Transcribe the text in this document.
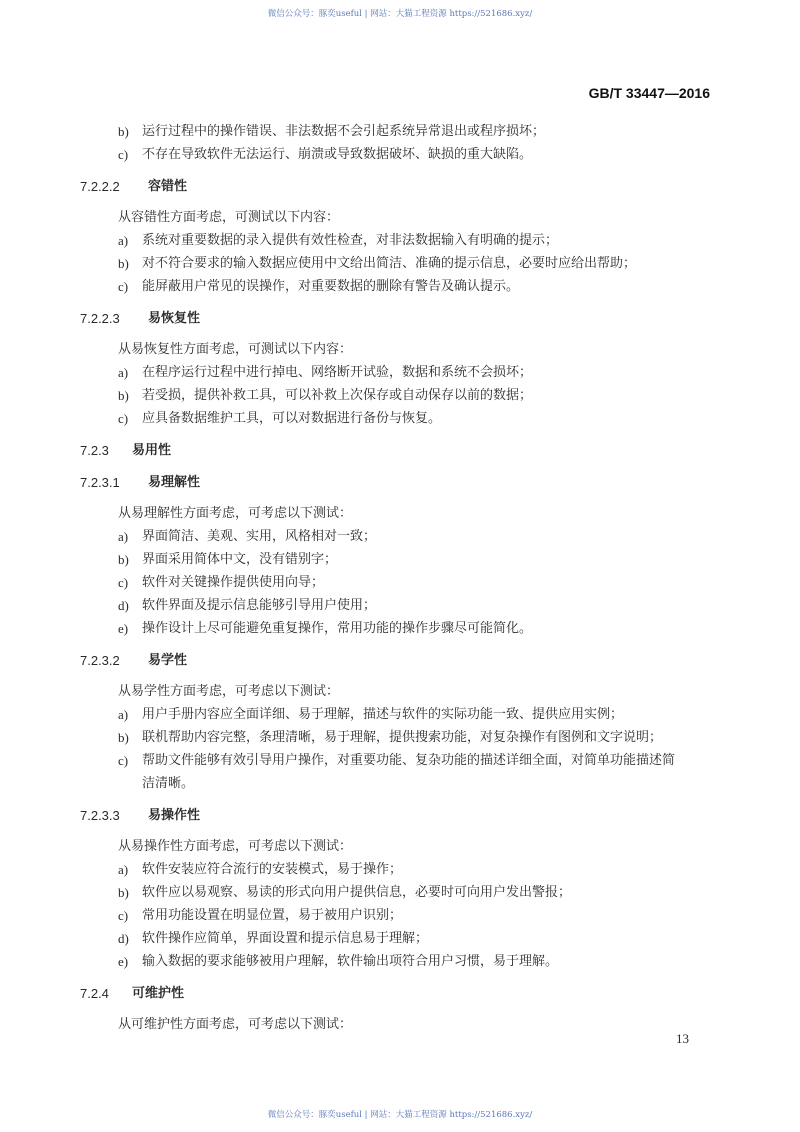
微信公众号：豚奕useful | 网站：大猫工程资源 https://521686.xyz/
GB/T 33447—2016
b)	运行过程中的操作错误、非法数据不会引起系统异常退出或程序损坏；
c)	不存在导致软件无法运行、崩溃或导致数据破坏、缺损的重大缺陷。
7.2.2.2	容错性
从容错性方面考虑，可测试以下内容：
a)	系统对重要数据的录入提供有效性检查，对非法数据输入有明确的提示；
b)	对不符合要求的输入数据应使用中文给出简洁、准确的提示信息，必要时应给出帮助；
c)	能屏蔽用户常见的误操作，对重要数据的删除有警告及确认提示。
7.2.2.3	易恢复性
从易恢复性方面考虑，可测试以下内容：
a)	在程序运行过程中进行掉电、网络断开试验，数据和系统不会损坏；
b)	若受损，提供补救工具，可以补救上次保存或自动保存以前的数据；
c)	应具备数据维护工具，可以对数据进行备份与恢复。
7.2.3	易用性
7.2.3.1	易理解性
从易理解性方面考虑，可考虑以下测试：
a)	界面简洁、美观、实用，风格相对一致；
b)	界面采用简体中文，没有错别字；
c)	软件对关键操作提供使用向导；
d)	软件界面及提示信息能够引导用户使用；
e)	操作设计上尽可能避免重复操作，常用功能的操作步骤尽可能简化。
7.2.3.2	易学性
从易学性方面考虑，可考虑以下测试：
a)	用户手册内容应全面详细、易于理解，描述与软件的实际功能一致、提供应用实例；
b)	联机帮助内容完整，条理清晰，易于理解，提供搜索功能，对复杂操作有图例和文字说明；
c)	帮助文件能够有效引导用户操作，对重要功能、复杂功能的描述详细全面，对简单功能描述简
洁清晰。
7.2.3.3	易操作性
从易操作性方面考虑，可考虑以下测试：
a)	软件安装应符合流行的安装模式，易于操作；
b)	软件应以易观察、易读的形式向用户提供信息，必要时可向用户发出警报；
c)	常用功能设置在明显位置，易于被用户识别；
d)	软件操作应简单，界面设置和提示信息易于理解；
e)	输入数据的要求能够被用户理解，软件输出项符合用户习惯，易于理解。
7.2.4	可维护性
从可维护性方面考虑，可考虑以下测试：
13
微信公众号：豚奕useful | 网站：大猫工程资源 https://521686.xyz/
